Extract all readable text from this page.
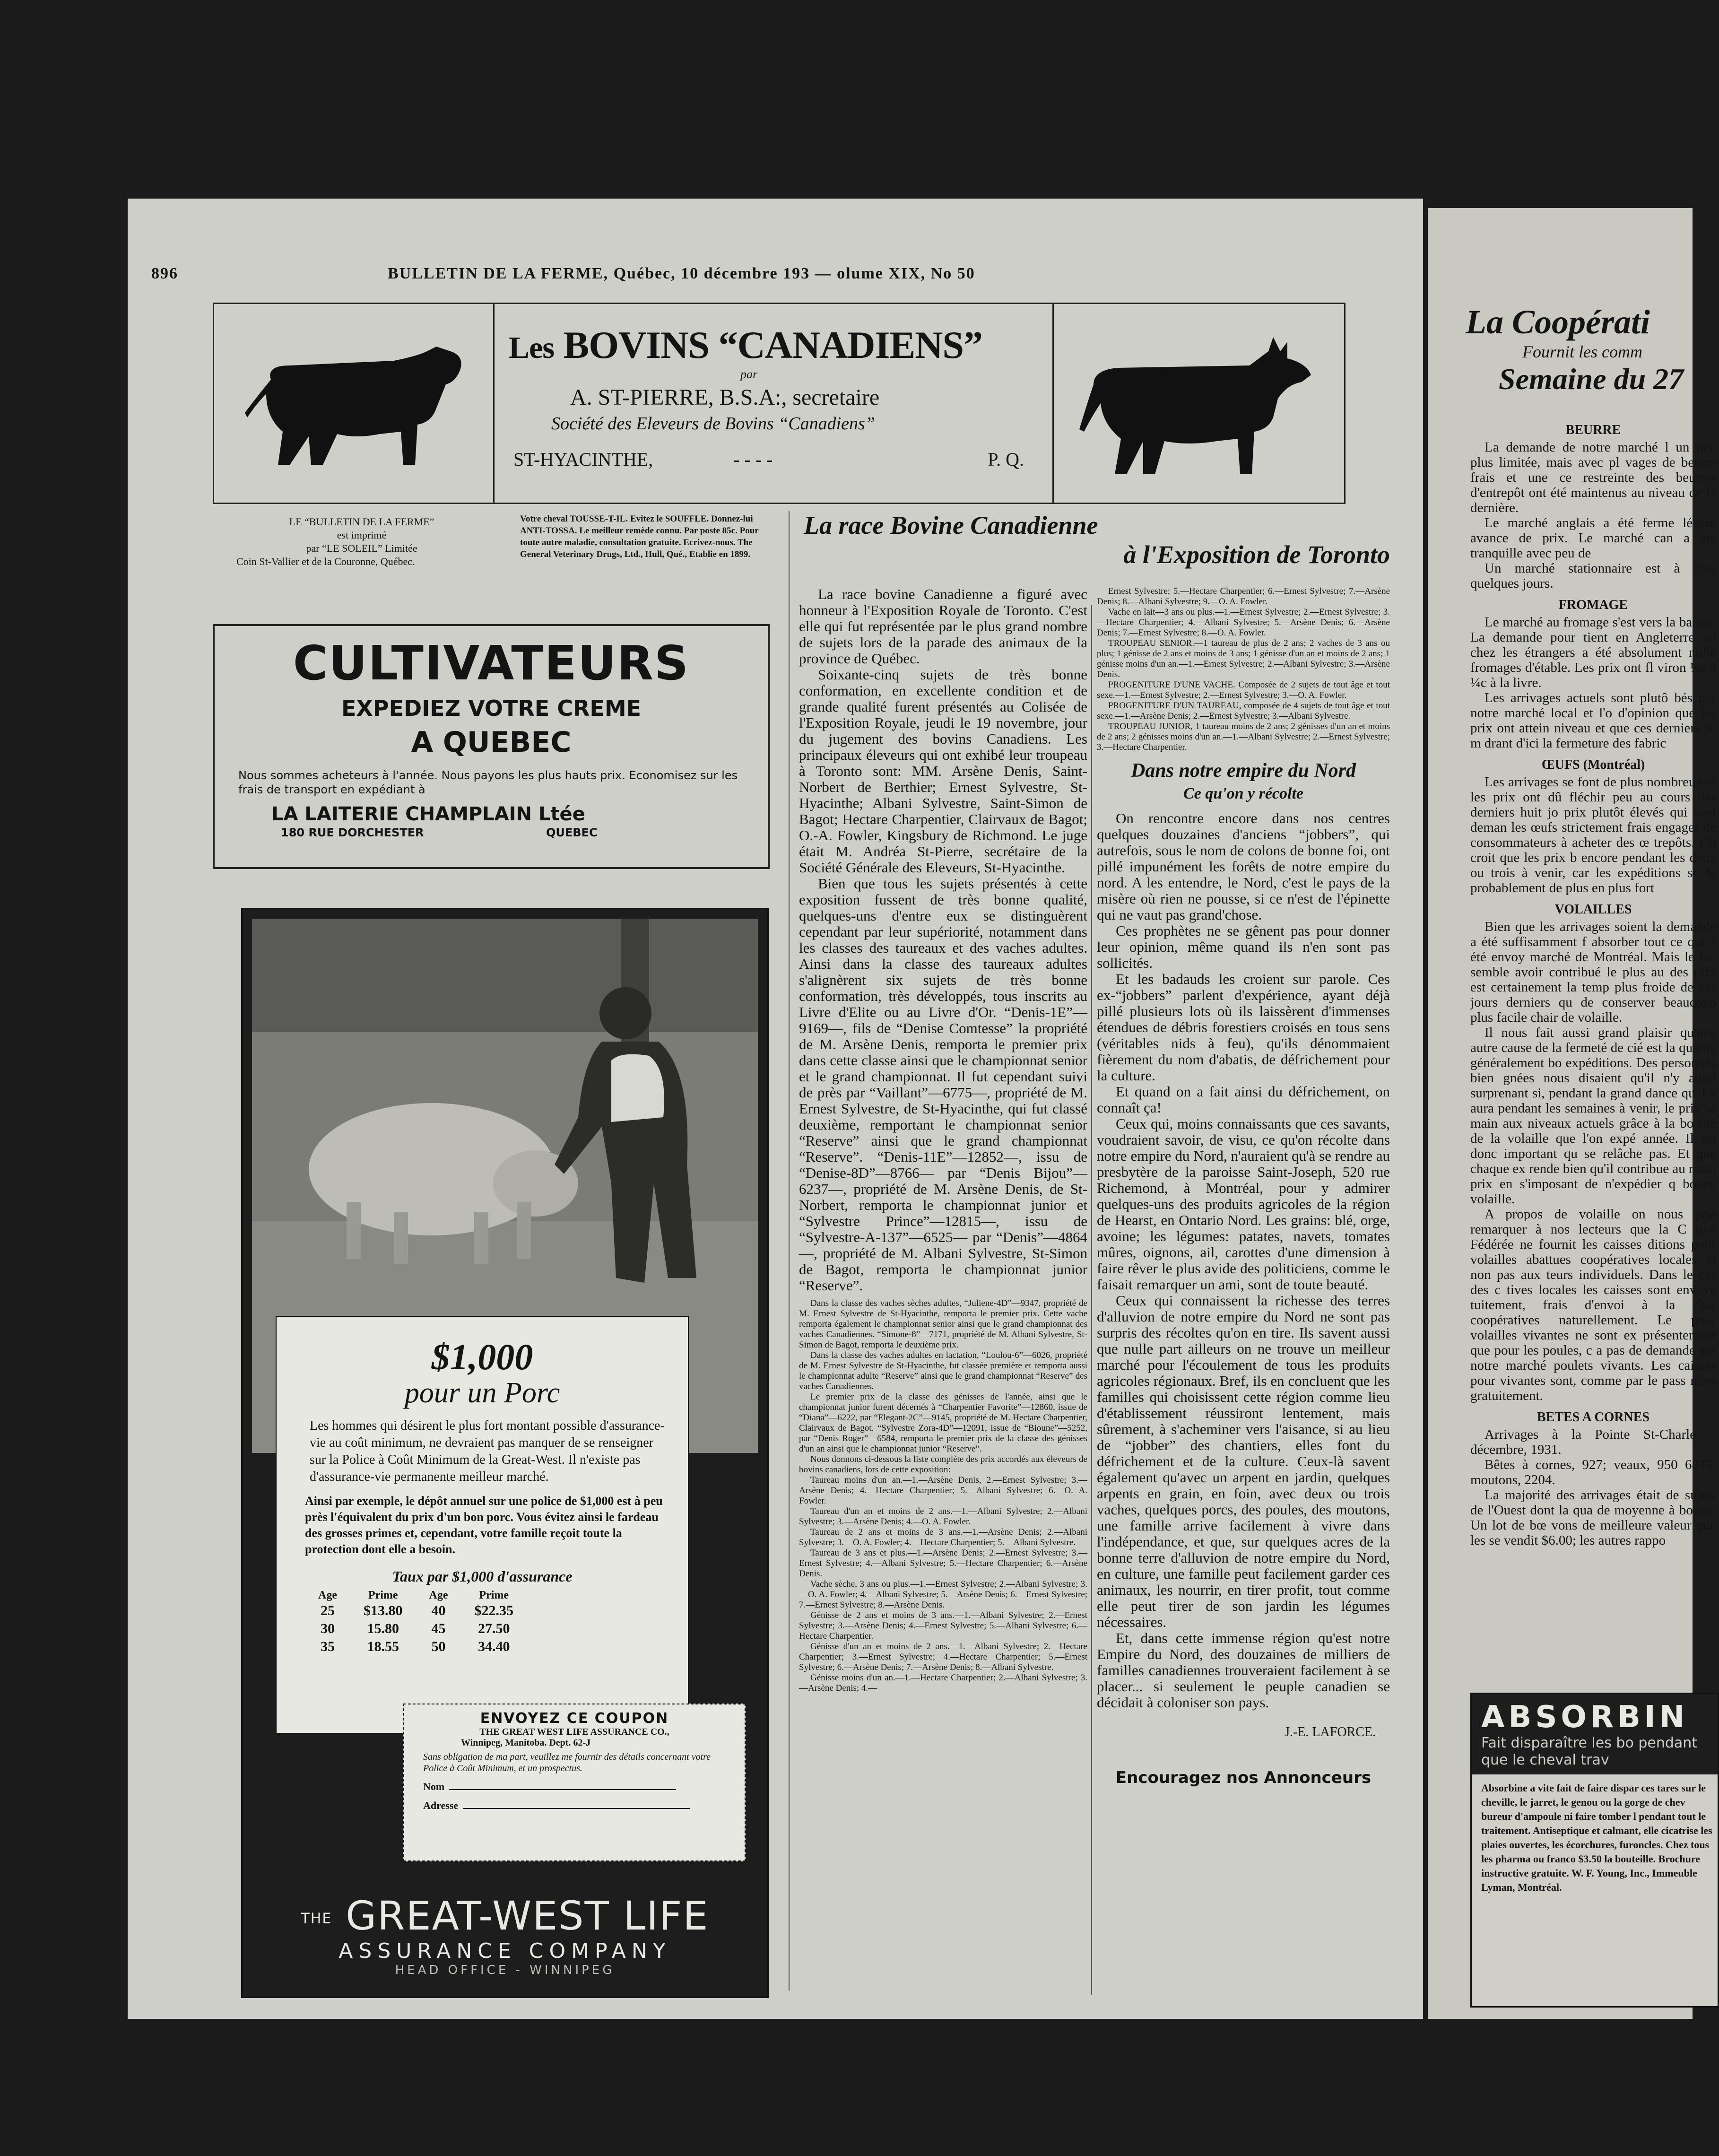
896	BULLETIN DE LA FERME, Québec, 10 décembre 193 — olume XIX, No 50
Les BOVINS “CANADIENS”
par
A. ST-PIERRE, B.S.A:, secretaire
Société des Eleveurs de Bovins “Canadiens”
ST-HYACINTHE,	- - - -	P. Q.
LE “BULLETIN DE LA FERME”
est imprimé
par “LE SOLEIL” Limitée
Coin St-Vallier et de la Couronne, Québec.
Votre cheval TOUSSE-T-IL. Evitez le SOUFFLE. Donnez-lui ANTI-TOSSA. Le meilleur remède connu. Par poste 85c. Pour toute autre maladie, consultation gratuite. Ecrivez-nous. The General Veterinary Drugs, Ltd., Hull, Qué., Etablie en 1899.
CULTIVATEURS
EXPEDIEZ VOTRE CREME
A QUEBEC
Nous sommes acheteurs à l'année. Nous payons les plus hauts prix. Economisez sur les frais de transport en expédiant à
LA LAITERIE CHAMPLAIN Ltée
180 RUE DORCHESTER	QUEBEC
$1,000
pour un Porc
Les hommes qui désirent le plus fort montant possible d'assurance-vie au coût minimum, ne devraient pas manquer de se renseigner sur la Police à Coût Minimum de la Great-West. Il n'existe pas d'assurance-vie permanente meilleur marché.
Ainsi par exemple, le dépôt annuel sur une police de $1,000 est à peu près l'équivalent du prix d'un bon porc. Vous évitez ainsi le fardeau des grosses primes et, cependant, votre famille reçoit toute la protection dont elle a besoin.
Taux par $1,000 d'assurance
Age	Prime	Age	Prime
25	$13.80	40	$22.35
30	15.80	45	27.50
35	18.55	50	34.40
ENVOYEZ CE COUPON
THE GREAT WEST LIFE ASSURANCE CO.,
Winnipeg, Manitoba. Dept. 62-J
Sans obligation de ma part, veuillez me fournir des détails concernant votre Police à Coût Minimum, et un prospectus.
Nom
Adresse
THE GREAT-WEST LIFE
ASSURANCE COMPANY
HEAD OFFICE - WINNIPEG
La race Bovine Canadienne
à l'Exposition de Toronto

La race bovine Canadienne a figuré avec honneur à l'Exposition Royale de Toronto. C'est elle qui fut représentée par le plus grand nombre de sujets lors de la parade des animaux de la province de Québec.

Soixante-cinq sujets de très bonne conformation, en excellente condition et de grande qualité furent présentés au Colisée de l'Exposition Royale, jeudi le 19 novembre, jour du jugement des bovins Canadiens. Les principaux éleveurs qui ont exhibé leur troupeau à Toronto sont: MM. Arsène Denis, Saint-Norbert de Berthier; Ernest Sylvestre, St-Hyacinthe; Albani Sylvestre, Saint-Simon de Bagot; Hectare Charpentier, Clairvaux de Bagot; O.-A. Fowler, Kingsbury de Richmond. Le juge était M. Andréa St-Pierre, secrétaire de la Société Générale des Eleveurs, St-Hyacinthe.

Bien que tous les sujets présentés à cette exposition fussent de très bonne qualité, quelques-uns d'entre eux se distinguèrent cependant par leur supériorité, notamment dans les classes des taureaux et des vaches adultes. Ainsi dans la classe des taureaux adultes s'alignèrent six sujets de très bonne conformation, très développés, tous inscrits au Livre d'Elite ou au Livre d'Or. “Denis-1E”—9169—, fils de “Denise Comtesse” la propriété de M. Arsène Denis, remporta le premier prix dans cette classe ainsi que le championnat senior et le grand championnat. Il fut cependant suivi de près par “Vaillant”—6775—, propriété de M. Ernest Sylvestre, de St-Hyacinthe, qui fut classé deuxième, remportant le championnat senior “Reserve” ainsi que le grand championnat “Reserve”. “Denis-11E”—12852—, issu de “Denise-8D”—8766— par “Denis Bijou”—6237—, propriété de M. Arsène Denis, de St-Norbert, remporta le championnat junior et “Sylvestre Prince”—12815—, issu de “Sylvestre-A-137”—6525— par “Denis”—4864—, propriété de M. Albani Sylvestre, St-Simon de Bagot, remporta le championnat junior “Reserve”.

Dans la classe des vaches sèches adultes, “Juliene-4D”—9347, propriété de M. Ernest Sylvestre de St-Hyacinthe, remporta le premier prix. Cette vache remporta également le championnat senior ainsi que le grand championnat des vaches Canadiennes. “Simone-8”—7171, propriété de M. Albani Sylvestre, St-Simon de Bagot, remporta le deuxième prix.

Dans la classe des vaches adultes en lactation, “Loulou-6”—6026, propriété de M. Ernest Sylvestre de St-Hyacinthe, fut classée première et remporta aussi le championnat adulte “Reserve” ainsi que le grand championnat “Reserve” des vaches Canadiennes.

Le premier prix de la classe des génisses de l'année, ainsi que le championnat junior furent décernés à “Charpentier Favorite”—12860, issue de “Diana”—6222, par “Elegant-2C”—9145, propriété de M. Hectare Charpentier, Clairvaux de Bagot. “Sylvestre Zora-4D”—12091, issue de “Bioune”—5252, par “Denis Roger”—6584, remporta le premier prix de la classe des génisses d'un an ainsi que le championnat junior “Reserve”.

Nous donnons ci-dessous la liste complète des prix accordés aux éleveurs de bovins canadiens, lors de cette exposition:

Taureau moins d'un an.—1.—Arsène Denis, 2.—Ernest Sylvestre; 3.—Arsène Denis; 4.—Hectare Charpentier; 5.—Albani Sylvestre; 6.—O. A. Fowler.

Taureau d'un an et moins de 2 ans.—1.—Albani Sylvestre; 2.—Albani Sylvestre; 3.—Arsène Denis; 4.—O. A. Fowler.

Taureau de 2 ans et moins de 3 ans.—1.—Arsène Denis; 2.—Albani Sylvestre; 3.—O. A. Fowler; 4.—Hectare Charpentier; 5.—Albani Sylvestre.

Taureau de 3 ans et plus.—1.—Arsène Denis; 2.—Ernest Sylvestre; 3.—Ernest Sylvestre; 4.—Albani Sylvestre; 5.—Hectare Charpentier; 6.—Arsène Denis.

Vache sèche, 3 ans ou plus.—1.—Ernest Sylvestre; 2.—Albani Sylvestre; 3.—O. A. Fowler; 4.—Albani Sylvestre; 5.—Arsène Denis; 6.—Ernest Sylvestre; 7.—Ernest Sylvestre; 8.—Arsène Denis.

Génisse de 2 ans et moins de 3 ans.—1.—Albani Sylvestre; 2.—Ernest Sylvestre; 3.—Arsène Denis; 4.—Ernest Sylvestre; 5.—Albani Sylvestre; 6.—Hectare Charpentier.

Génisse d'un an et moins de 2 ans.—1.—Albani Sylvestre; 2.—Hectare Charpentier; 3.—Ernest Sylvestre; 4.—Hectare Charpentier; 5.—Ernest Sylvestre; 6.—Arsène Denis; 7.—Arsène Denis; 8.—Albani Sylvestre.

Génisse moins d'un an.—1.—Hectare Charpentier; 2.—Albani Sylvestre; 3.—Arsène Denis; 4.—

Ernest Sylvestre; 5.—Hectare Charpentier; 6.—Ernest Sylvestre; 7.—Arsène Denis; 8.—Albani Sylvestre; 9.—O. A. Fowler.

Vache en lait—3 ans ou plus.—1.—Ernest Sylvestre; 2.—Ernest Sylvestre; 3.—Hectare Charpentier; 4.—Albani Sylvestre; 5.—Arsène Denis; 6.—Arsène Denis; 7.—Ernest Sylvestre; 8.—O. A. Fowler.

TROUPEAU SENIOR.—1 taureau de plus de 2 ans; 2 vaches de 3 ans ou plus; 1 génisse de 2 ans et moins de 3 ans; 1 génisse d'un an et moins de 2 ans; 1 génisse moins d'un an.—1.—Ernest Sylvestre; 2.—Albani Sylvestre; 3.—Arsène Denis.

PROGENITURE D'UNE VACHE. Composée de 2 sujets de tout âge et tout sexe.—1.—Ernest Sylvestre; 2.—Ernest Sylvestre; 3.—O. A. Fowler.

PROGENITURE D'UN TAUREAU, composée de 4 sujets de tout âge et tout sexe.—1.—Arsène Denis; 2.—Ernest Sylvestre; 3.—Albani Sylvestre.

TROUPEAU JUNIOR, 1 taureau moins de 2 ans; 2 génisses d'un an et moins de 2 ans; 2 génisses moins d'un an.—1.—Albani Sylvestre; 2.—Ernest Sylvestre; 3.—Hectare Charpentier.

Dans notre empire du Nord
Ce qu'on y récolte

On rencontre encore dans nos centres quelques douzaines d'anciens “jobbers”, qui autrefois, sous le nom de colons de bonne foi, ont pillé impunément les forêts de notre empire du nord. A les entendre, le Nord, c'est le pays de la misère où rien ne pousse, si ce n'est de l'épinette qui ne vaut pas grand'chose.

Ces prophètes ne se gênent pas pour donner leur opinion, même quand ils n'en sont pas sollicités.

Et les badauds les croient sur parole. Ces ex-“jobbers” parlent d'expérience, ayant déjà pillé plusieurs lots où ils laissèrent d'immenses étendues de débris forestiers croisés en tous sens (véritables nids à feu), qu'ils dénommaient fièrement du nom d'abatis, de défrichement pour la culture.

Et quand on a fait ainsi du défrichement, on connaît ça!

Ceux qui, moins connaissants que ces savants, voudraient savoir, de visu, ce qu'on récolte dans notre empire du Nord, n'auraient qu'à se rendre au presbytère de la paroisse Saint-Joseph, 520 rue Richemond, à Montréal, pour y admirer quelques-uns des produits agricoles de la région de Hearst, en Ontario Nord. Les grains: blé, orge, avoine; les légumes: patates, navets, tomates mûres, oignons, ail, carottes d'une dimension à faire rêver le plus avide des politiciens, comme le faisait remarquer un ami, sont de toute beauté.

Ceux qui connaissent la richesse des terres d'alluvion de notre empire du Nord ne sont pas surpris des récoltes qu'on en tire. Ils savent aussi que nulle part ailleurs on ne trouve un meilleur marché pour l'écoulement de tous les produits agricoles régionaux. Bref, ils en concluent que les familles qui choisissent cette région comme lieu d'établissement réussiront lentement, mais sûrement, à s'acheminer vers l'aisance, si au lieu de “jobber” des chantiers, elles font du défrichement et de la culture. Ceux-là savent également qu'avec un arpent en jardin, quelques arpents en grain, en foin, avec deux ou trois vaches, quelques porcs, des poules, des moutons, une famille arrive facilement à vivre dans l'indépendance, et que, sur quelques acres de la bonne terre d'alluvion de notre empire du Nord, en culture, une famille peut facilement garder ces animaux, les nourrir, en tirer profit, tout comme elle peut tirer de son jardin les légumes nécessaires.

Et, dans cette immense région qu'est notre Empire du Nord, des douzaines de milliers de familles canadiennes trouveraient facilement à se placer... si seulement le peuple canadien se décidait à coloniser son pays.

J.-E. LAFORCE.
Encouragez nos Annonceurs
La Coopérati
Fournit les comm
Semaine du 27
BEURRE

La demande de notre marché l un peu plus limitée, mais avec pl vages de beurre frais et une ce restreinte des beurres d'entrepôt ont été maintenus au niveau de la dernière.

Le marché anglais a été ferme légère avance de prix. Le marché can a été tranquille avec peu de

Un marché stationnaire est à d'ici quelques jours.

FROMAGE

Le marché au fromage s'est vers la baisse. La demande pour tient en Angleterre ou chez les étrangers a été absolument nulle fromages d'étable. Les prix ont fl viron ¼c à ¼c à la livre.

Les arrivages actuels sont plutô bés par notre marché local et l'o d'opinion que les prix ont attein niveau et que ces derniers se m drant d'ici la fermeture des fabric

ŒUFS (Montréal)

Les arrivages se font de plus nombreux et les prix ont dû fléchir peu au cours des derniers huit jo prix plutôt élevés qui sont deman les œufs strictement frais engager de consommateurs à acheter des œ trepôts. On croit que les prix b encore pendant les deux ou trois à venir, car les expéditions se fe probablement de plus en plus fort

VOLAILLES

Bien que les arrivages soient la demande a été suffisamment f absorber tout ce qui a été envoy marché de Montréal. Mais le fac semble avoir contribué le plus au des prix est certainement la temp plus froide de ces jours derniers qu de conserver beaucoup plus facile chair de volaille.

Il nous fait aussi grand plaisir qu'une autre cause de la fermeté de cié est la qualité généralement bo expéditions. Des personnes bien gnées nous disaient qu'il n'y aurai surprenant si, pendant la grand dance qu'il y aura pendant les semaines à venir, le prix se main aux niveaux actuels grâce à la bo lité de la volaille que l'on expé année. Il est donc important qu se relâche pas. Et que chaque ex rende bien qu'il contribue au main prix en s'imposant de n'expédier q bonne volaille.

A propos de volaille on nous prie remarquer à nos lecteurs que la C tive Fédérée ne fournit les caisses ditions pour volailles abattues coopératives locales et non pas aux teurs individuels. Dans le cas des c tives locales les caisses sont envoyé tuitement, frais d'envoi à la char coopératives naturellement. Le pour volailles vivantes ne sont ex présentement que pour les poules, c a pas de demande sur notre marché poulets vivants. Les caisses pour vivantes sont, comme par le pass mies gratuitement.

BETES A CORNES

Arrivages à la Pointe St-Charle 7 décembre, 1931.

Bêtes à cornes, 927; veaux, 950 6875; moutons, 2204.

La majorité des arrivages était de sujets de l'Ouest dont la qua de moyenne à bonne. Un lot de bœ vons de meilleure valeur que les se vendit $6.00; les autres rappo

ABSORBIN
Fait disparaître les bo pendant que le cheval trav
Absorbine a vite fait de faire dispar ces tares sur le cheville, le jarret, le genou ou la gorge de chev bureur d'ampoule ni faire tomber l pendant tout le traitement. Antiseptique et calmant, elle cicatrise les plaies ouvertes, les écorchures, furoncles. Chez tous les pharma ou franco $3.50 la bouteille. Brochure instructive gratuite. W. F. Young, Inc., Immeuble Lyman, Montréal.
